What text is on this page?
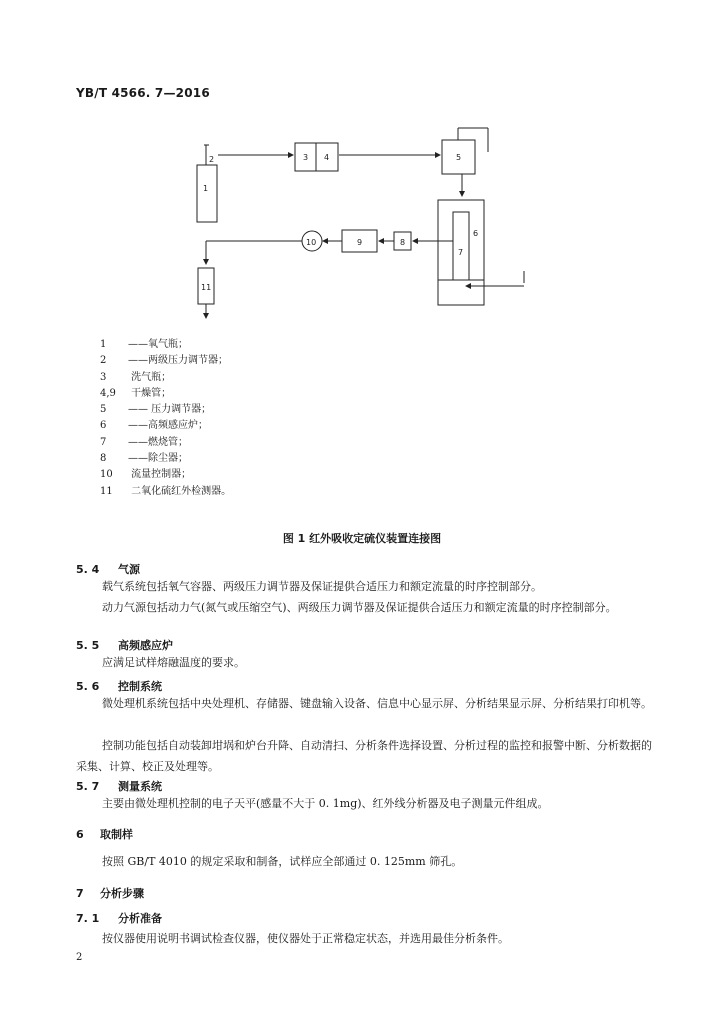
YB/T 4566. 7—2016
1
2	3 4	5
6
7
8
9
10
11
1 ——氧气瓶；
2 ——两级压力调节器；
3 洗气瓶；
4,9 干燥管；
5 —— 压力调节器；
6 ——高频感应炉；
7 ——燃烧管；
8 ——除尘器；
10 流量控制器；
11 二氧化硫红外检测器。
图 1 红外吸收定硫仪装置连接图
5. 4 气源
载气系统包括氧气容器、两级压力调节器及保证提供合适压力和额定流量的时序控制部分。
动力气源包括动力气(氮气或压缩空气)、两级压力调节器及保证提供合适压力和额定流量的时序控制部分。
5. 5 高频感应炉
应满足试样熔融温度的要求。
5. 6 控制系统
微处理机系统包括中央处理机、存储器、键盘输入设备、信息中心显示屏、分析结果显示屏、分析结果打印机等。
控制功能包括自动装卸坩埚和炉台升降、自动清扫、分析条件选择设置、分析过程的监控和报警中断、分析数据的采集、计算、校正及处理等。
5. 7 测量系统
主要由微处理机控制的电子天平(感量不大于 0. 1mg)、红外线分析器及电子测量元件组成。
6 取制样
按照 GB/T 4010 的规定采取和制备，试样应全部通过 0. 125mm 筛孔。
7 分析步骤
7. 1 分析准备
按仪器使用说明书调试检查仪器，使仪器处于正常稳定状态，并选用最佳分析条件。
2
